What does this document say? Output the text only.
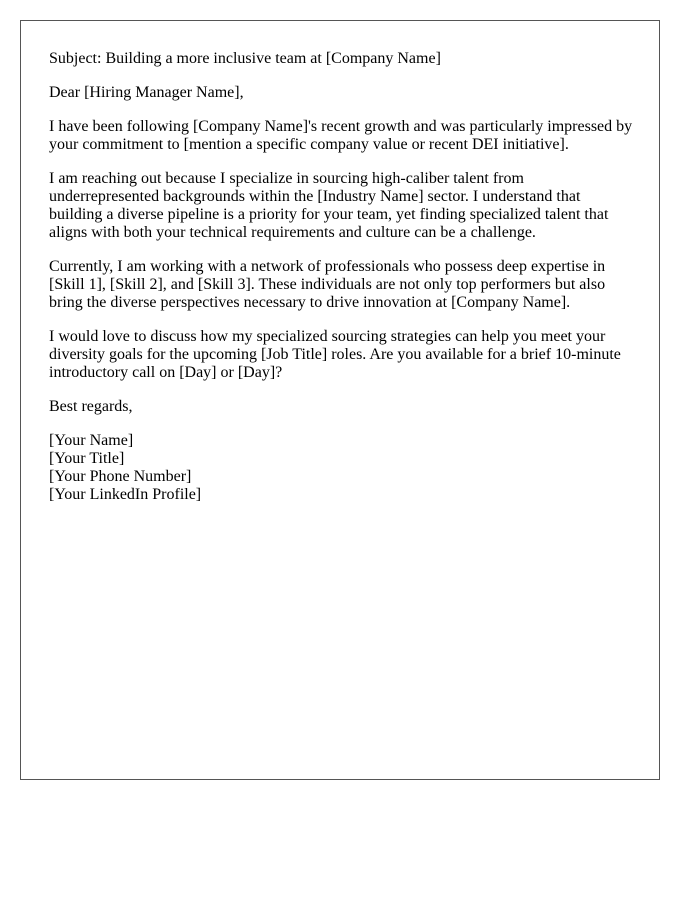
Subject: Building a more inclusive team at [Company Name]

Dear [Hiring Manager Name],

I have been following [Company Name]'s recent growth and was particularly impressed by
your commitment to [mention a specific company value or recent DEI initiative].

I am reaching out because I specialize in sourcing high-caliber talent from
underrepresented backgrounds within the [Industry Name] sector. I understand that
building a diverse pipeline is a priority for your team, yet finding specialized talent that
aligns with both your technical requirements and culture can be a challenge.

Currently, I am working with a network of professionals who possess deep expertise in
[Skill 1], [Skill 2], and [Skill 3]. These individuals are not only top performers but also
bring the diverse perspectives necessary to drive innovation at [Company Name].

I would love to discuss how my specialized sourcing strategies can help you meet your
diversity goals for the upcoming [Job Title] roles. Are you available for a brief 10-minute
introductory call on [Day] or [Day]?

Best regards,

[Your Name]
[Your Title]
[Your Phone Number]
[Your LinkedIn Profile]
